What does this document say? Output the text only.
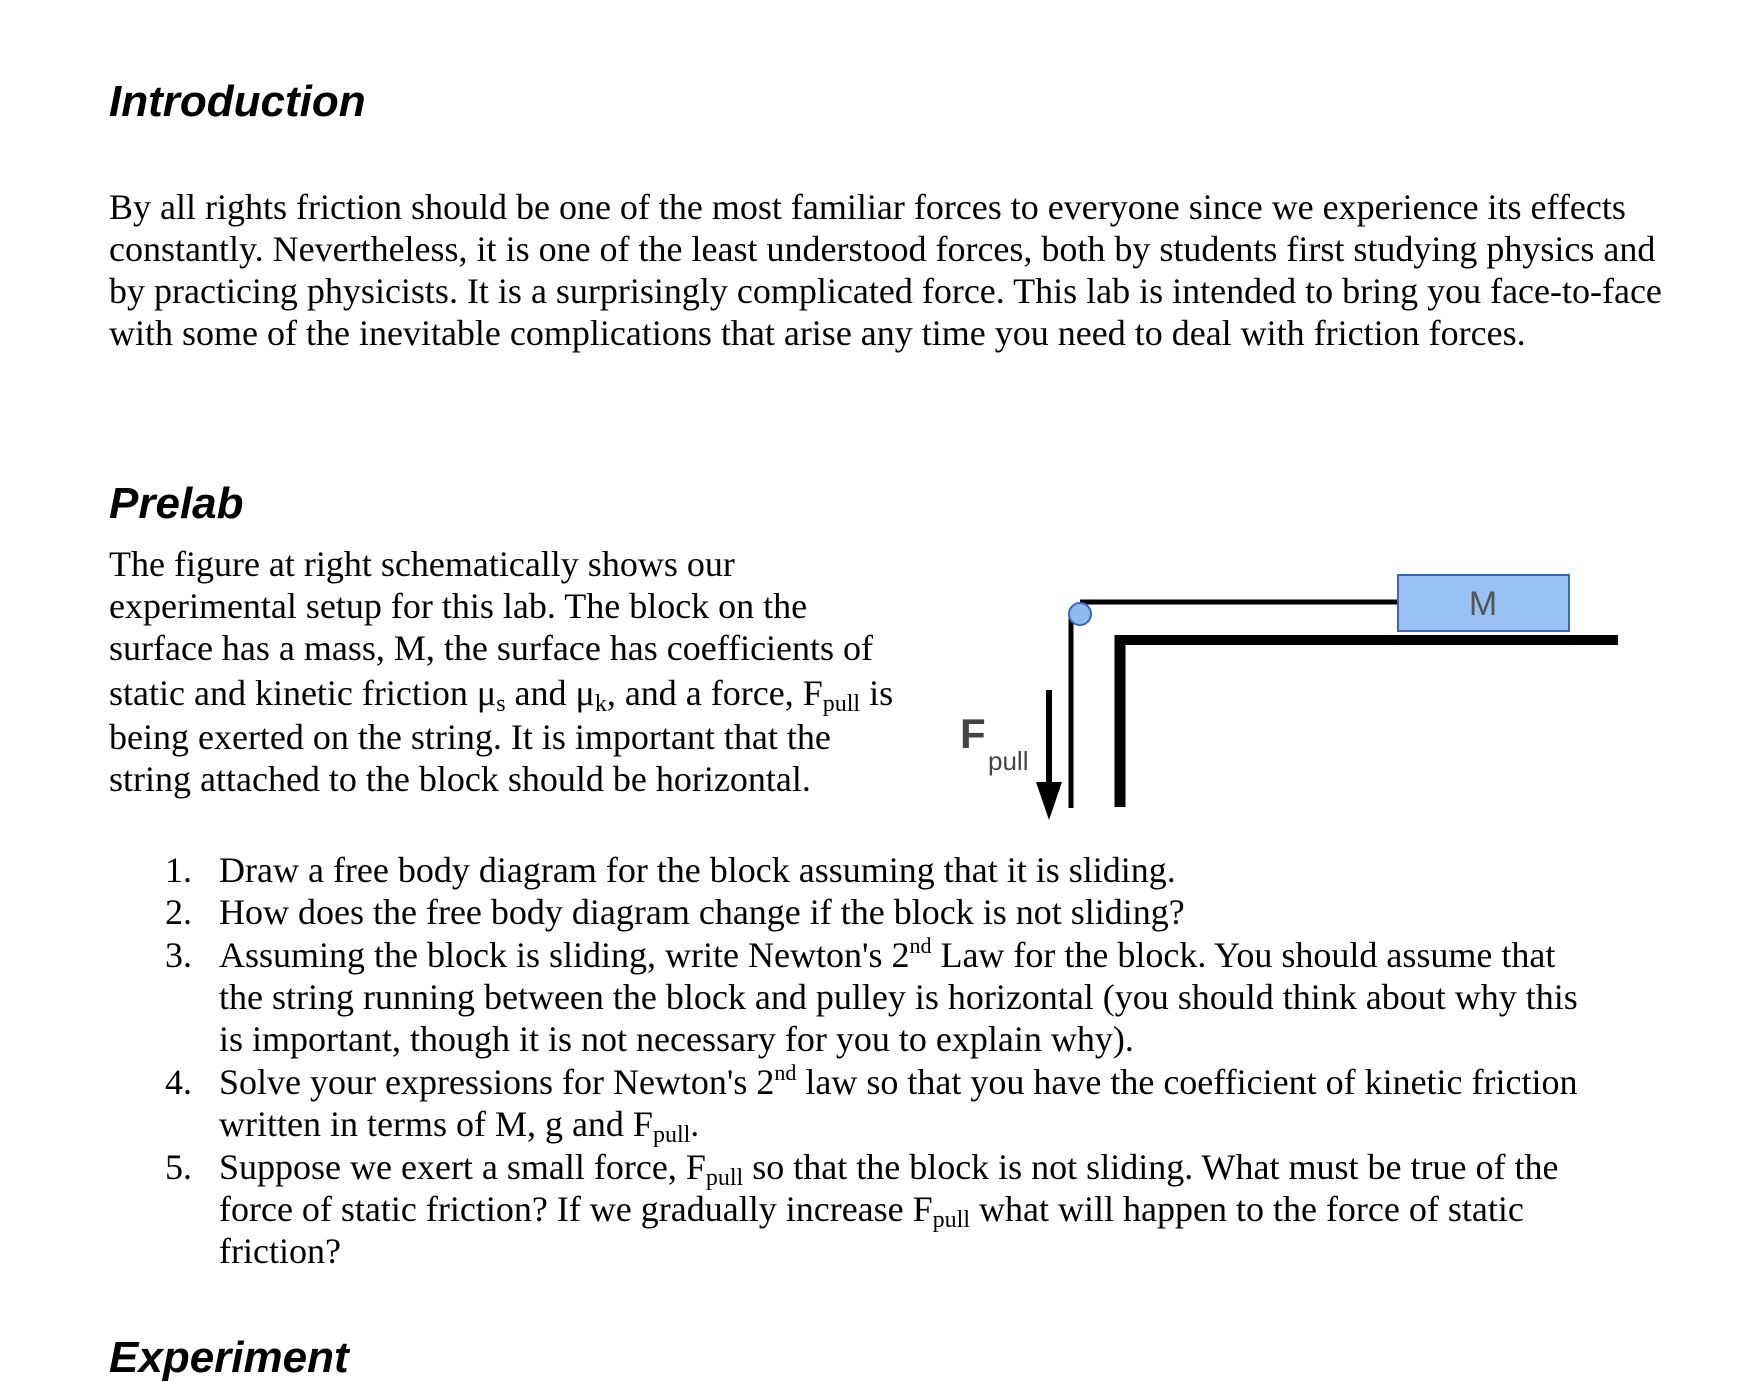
Introduction

By all rights friction should be one of the most familiar forces to everyone since we experience its effects constantly. Nevertheless, it is one of the least understood forces, both by students first studying physics and by practicing physicists. It is a surprisingly complicated force. This lab is intended to bring you face-to-face with some of the inevitable complications that arise any time you need to deal with friction forces.

Prelab
The figure at right schematically shows our
experimental setup for this lab. The block on the
surface has a mass, M, the surface has coefficients of
static and kinetic friction $\mu_s$ and $\mu_k$, and a force, $F_{pull}$ is
being exerted on the string. It is important that the
string attached to the block should be horizontal.
M
F
pull
1. Draw a free body diagram for the block assuming that it is sliding.
2. How does the free body diagram change if the block is not sliding?
3. Assuming the block is sliding, write Newton's 2nd Law for the block. You should assume that
the string running between the block and pulley is horizontal (you should think about why this
is important, though it is not necessary for you to explain why).
4. Solve your expressions for Newton's 2nd law so that you have the coefficient of kinetic friction
written in terms of M, g and $F_{pull}$.
5. Suppose we exert a small force, $F_{pull}$ so that the block is not sliding. What must be true of the
force of static friction? If we gradually increase $F_{pull}$ what will happen to the force of static
friction?
Experiment
